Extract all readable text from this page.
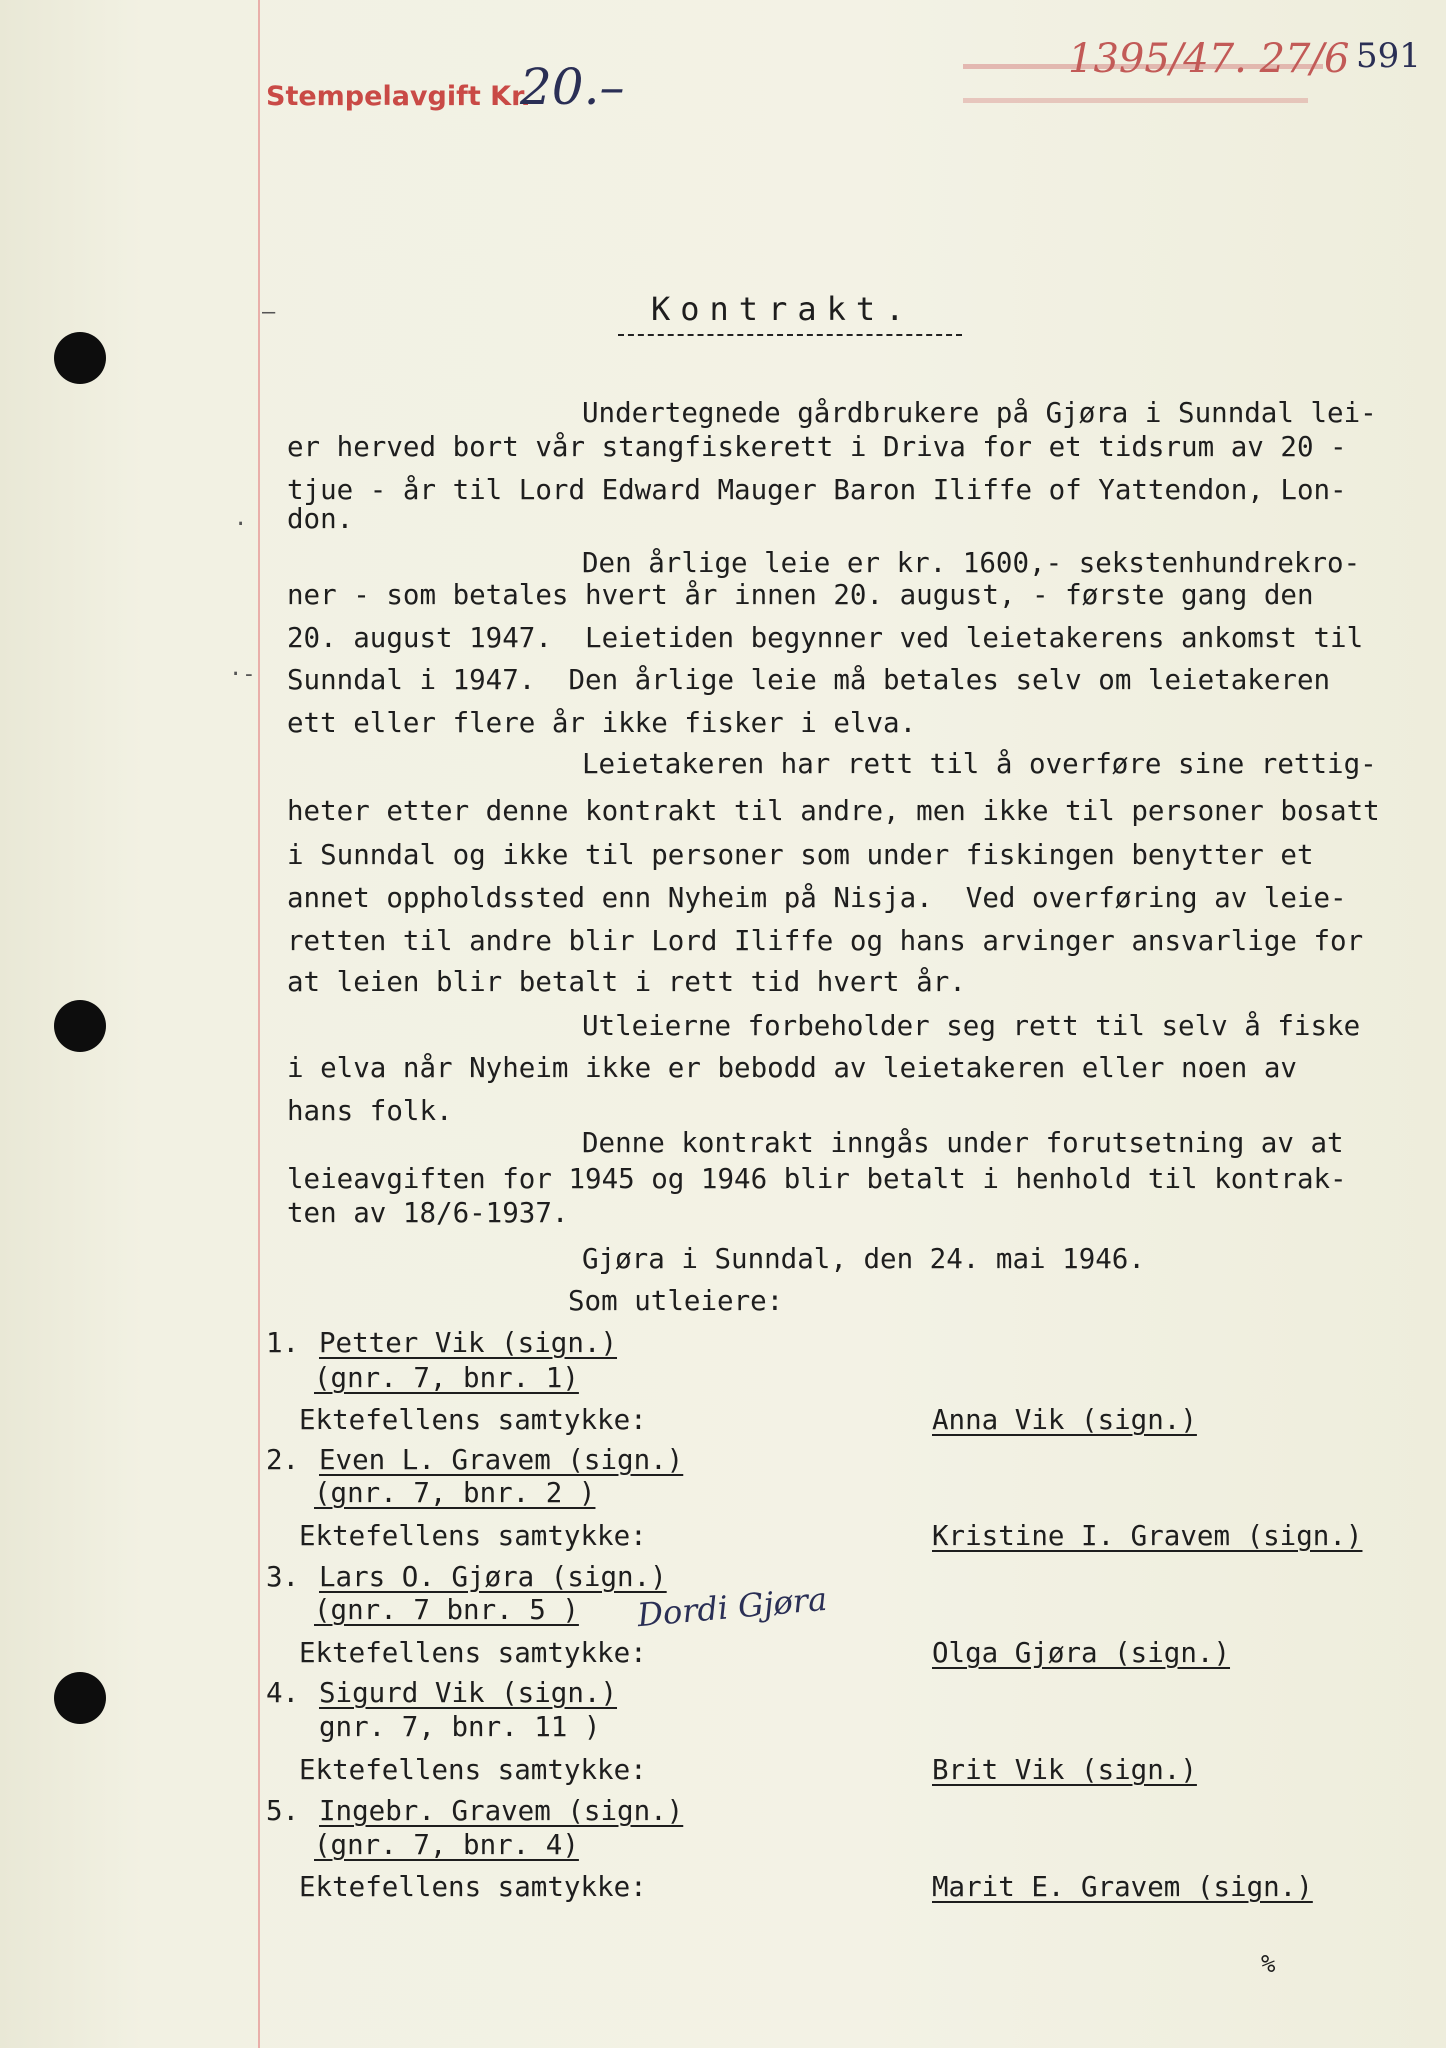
Stempelavgift Kr.
20.–	1395/47. 27/6 591
Kontrakt.
–
·-
.
Undertegnede gårdbrukere på Gjøra i Sunndal lei-
er herved bort vår stangfiskerett i Driva for et tidsrum av 20 -
tjue - år til Lord Edward Mauger Baron Iliffe of Yattendon, Lon-
don.
Den årlige leie er kr. 1600,- sekstenhundrekro-
ner - som betales hvert år innen 20. august, - første gang den
20. august 1947.  Leietiden begynner ved leietakerens ankomst til
Sunndal i 1947.  Den årlige leie må betales selv om leietakeren
ett eller flere år ikke fisker i elva.
Leietakeren har rett til å overføre sine rettig-
heter etter denne kontrakt til andre, men ikke til personer bosatt
i Sunndal og ikke til personer som under fiskingen benytter et
annet oppholdssted enn Nyheim på Nisja.  Ved overføring av leie-
retten til andre blir Lord Iliffe og hans arvinger ansvarlige for
at leien blir betalt i rett tid hvert år.
Utleierne forbeholder seg rett til selv å fiske
i elva når Nyheim ikke er bebodd av leietakeren eller noen av
hans folk.
Denne kontrakt inngås under forutsetning av at
leieavgiften for 1945 og 1946 blir betalt i henhold til kontrak-
ten av 18/6-1937.
Gjøra i Sunndal, den 24. mai 1946.
Som utleiere:
1. Petter Vik (sign.)
(gnr. 7, bnr. 1)
Ektefellens samtykke:	Anna Vik (sign.)
2. Even L. Gravem (sign.)
(gnr. 7, bnr. 2 )
Ektefellens samtykke:	Kristine I. Gravem (sign.)
3. Lars O. Gjøra (sign.)
(gnr. 7 bnr. 5 ) Dordi Gjøra
Ektefellens samtykke:	Olga Gjøra (sign.)
4. Sigurd Vik (sign.)
gnr. 7, bnr. 11 )
Ektefellens samtykke:	Brit Vik (sign.)
5. Ingebr. Gravem (sign.)
(gnr. 7, bnr. 4)
Ektefellens samtykke:	Marit E. Gravem (sign.)
%
